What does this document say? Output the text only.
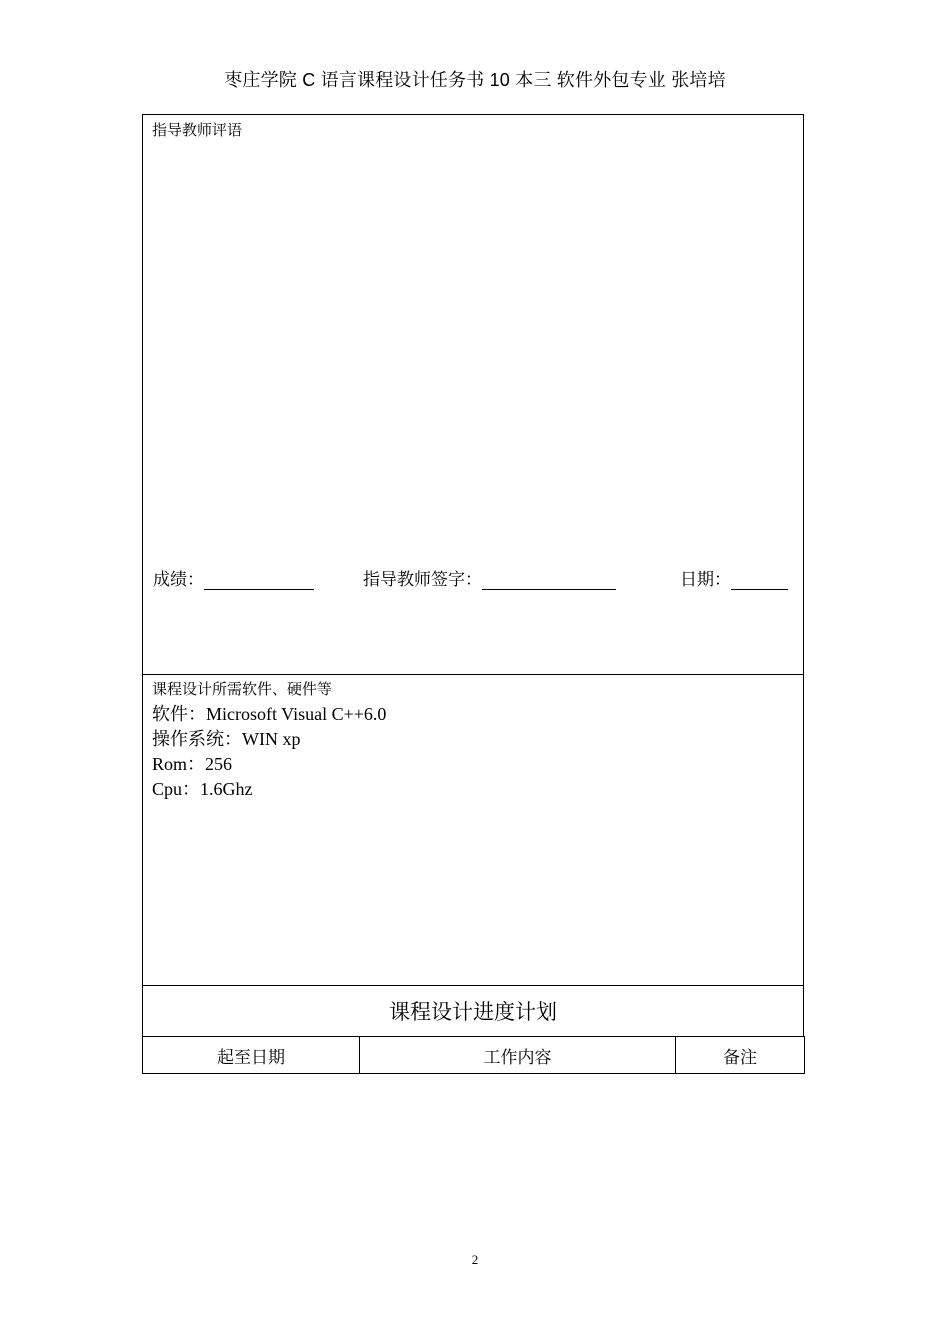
枣庄学院 C 语言课程设计任务书 10 本三 软件外包专业 张培培
指导教师评语
成绩：	指导教师签字：	日期：
课程设计所需软件、硬件等
软件：Microsoft Visual C++6.0
操作系统：WIN xp
Rom：256
Cpu：1.6Ghz
课程设计进度计划
起至日期	工作内容	备注
2
